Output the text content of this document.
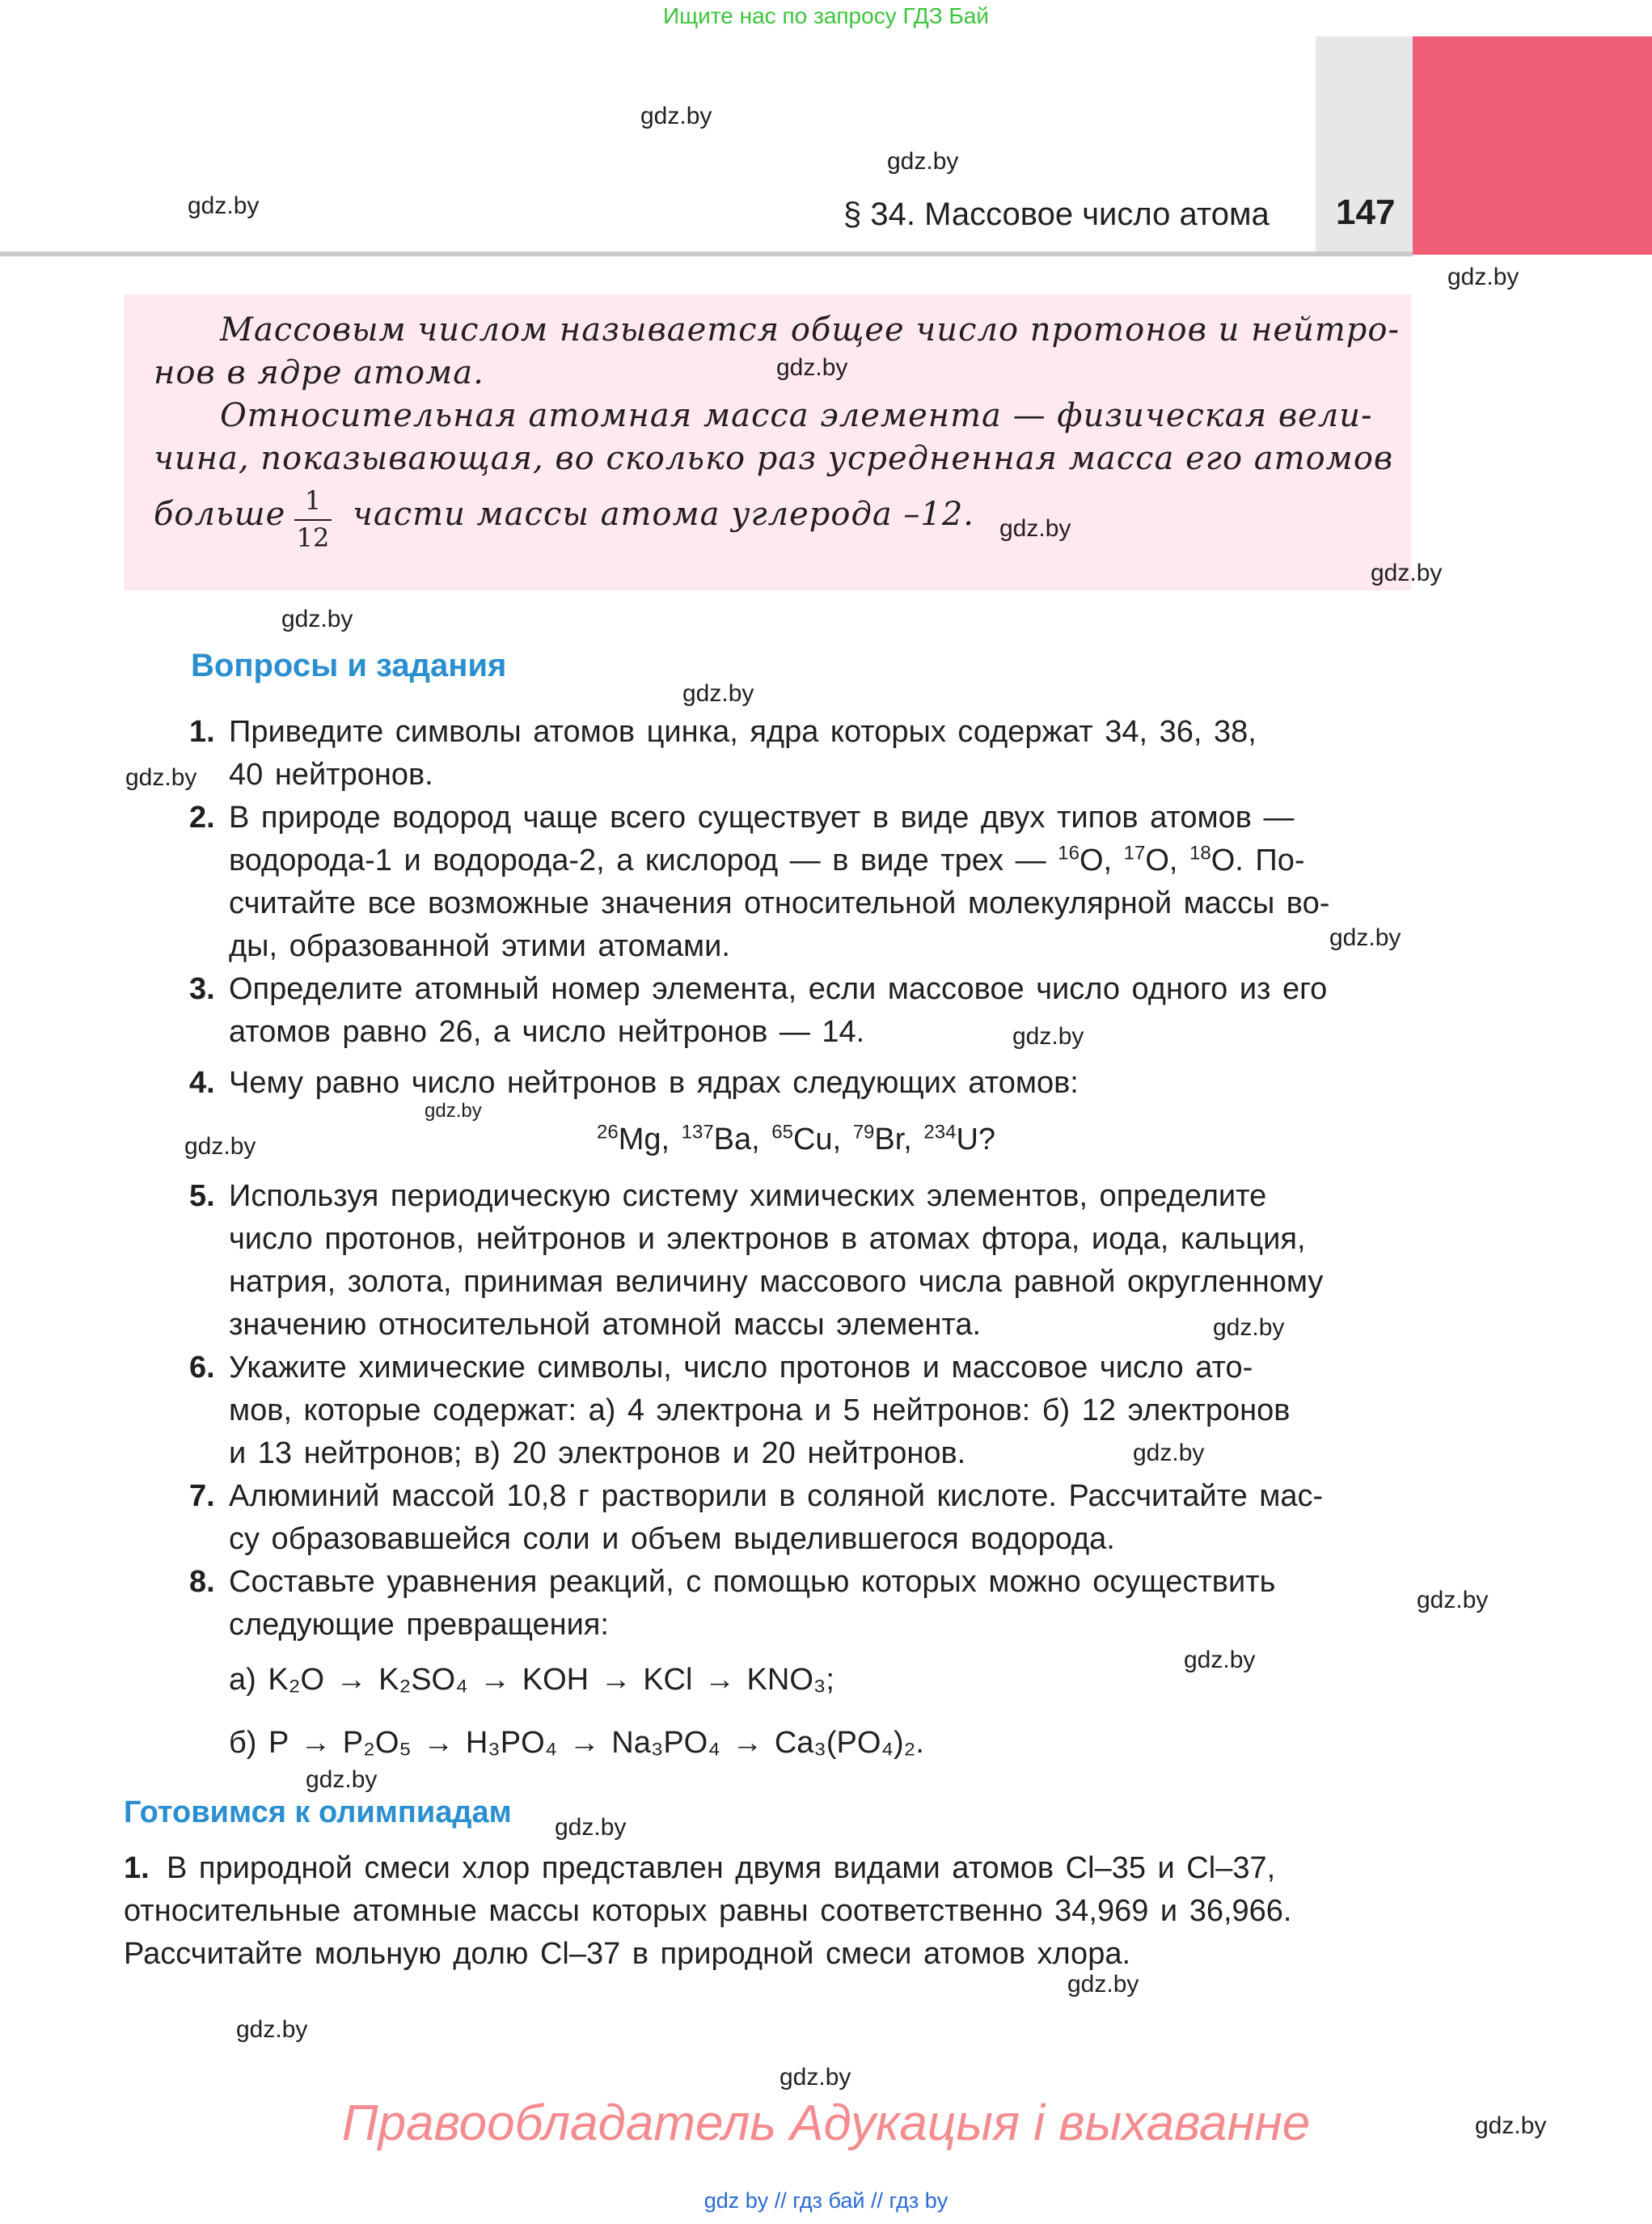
Ищите нас по запросу ГДЗ Бай
§ 34. Массовое число атома 147
Массовым числом называется общее число протонов и нейтро-
нов в ядре атома.
Относительная атомная масса элемента — физическая вели-
чина, показывающая, во сколько раз усредненная масса его атомов
больше 1
12
части массы атома углерода –12.
Вопросы и задания
1. Приведите символы атомов цинка, ядра которых содержат 34, 36, 38,
40 нейтронов.
2. В природе водород чаще всего существует в виде двух типов атомов —
водорода-1 и водорода-2, а кислород — в виде трех — $^{16}$O, $^{17}$O, $^{18}$O. По-
считайте все возможные значения относительной молекулярной массы во-
ды, образованной этими атомами.
3. Определите атомный номер элемента, если массовое число одного из его
атомов равно 26, а число нейтронов — 14.
4. Чему равно число нейтронов в ядрах следующих атомов:
$^{26}$Mg, $^{137}$Ba, $^{65}$Cu, $^{79}$Br, $^{234}$U?
5. Используя периодическую систему химических элементов, определите
число протонов, нейтронов и электронов в атомах фтора, иода, кальция,
натрия, золота, принимая величину массового числа равной округленному
значению относительной атомной массы элемента.
6. Укажите химические символы, число протонов и массовое число ато-
мов, которые содержат: а) 4 электрона и 5 нейтронов: б) 12 электронов
и 13 нейтронов; в) 20 электронов и 20 нейтронов.
7. Алюминий массой 10,8 г растворили в соляной кислоте. Рассчитайте мас-
су образовавшейся соли и объем выделившегося водорода.
8. Составьте уравнения реакций, с помощью которых можно осуществить
следующие превращения:
а) K₂O → K₂SO₄ → KOH → KCl → KNO₃;
б) P → P₂O₅ → H₃PO₄ → Na₃PO₄ → Ca₃(PO₄)₂.
Готовимся к олимпиадам
1. В природной смеси хлор представлен двумя видами атомов Cl–35 и Cl–37,
относительные атомные массы которых равны соответственно 34,969 и 36,966.
Рассчитайте мольную долю Cl–37 в природной смеси атомов хлора.
gdz.by
gdz.by
gdz.by
gdz.by
gdz.by
gdz.by
gdz.by
gdz.by
gdz.by
gdz.by
gdz.by
gdz.by
gdz.by
gdz.by
gdz.by
gdz.by
gdz.by
gdz.by
gdz.by
gdz.by
gdz.by
gdz.by
gdz.by
gdz.by
Правообладатель Адукацыя і выхаванне
gdz by // гдз бай // гдз by
